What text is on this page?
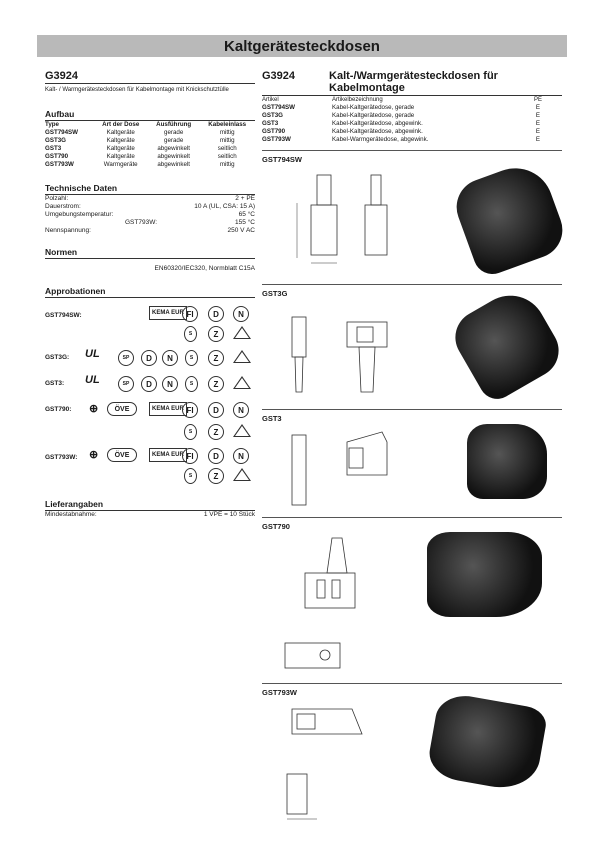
Kaltgerätesteckdosen
G3924
Kalt- / Warmgerätesteckdosen für Kabelmontage mit Knickschutztülle
Aufbau
Type	Art der Dose	Ausführung	Kabeleinlass
GST794SW	Kaltgeräte	gerade	mittig
GST3G	Kaltgeräte	gerade	mittig
GST3	Kaltgeräte	abgewinkelt	seitlich
GST790	Kaltgeräte	abgewinkelt	seitlich
GST793W	Warmgeräte	abgewinkelt	mittig
Technische Daten
Polzahl:	2 + PE
Dauerstrom:	10 A (UL, CSA: 15 A)
Umgebungstemperatur:	65 °C
GST793W:	155 °C
Nennspannung:	250 V AC
Normen
EN60320/IEC320, Normblatt C15A
Approbationen
GST794SW:	KEMA EUR FI	D	N
S	Z
GST3G: UL	SP	D	N	S	Z
GST3: UL	SP	D	N	S	Z
GST790: ⊕	ÖVE	KEMA EUR FI	D	N
S	Z
GST793W: ⊕	ÖVE	KEMA EUR FI	D	N
S	Z
Lieferangaben
Mindestabnahme:	1 VPE = 10 Stück
G3924	Kalt-/Warmgerätesteckdosen für Kabelmontage
Artikel	Artikelbezeichnung	PE
GST794SW	Kabel-Kaltgerätedose, gerade	E
GST3G	Kabel-Kaltgerätedose, gerade	E
GST3	Kabel-Kaltgerätedose, abgewink.	E
GST790	Kabel-Kaltgerätedose, abgewink.	E
GST793W	Kabel-Warmgerätedose, abgewink.	E
GST794SW
GST3G
GST3
GST790
GST793W
